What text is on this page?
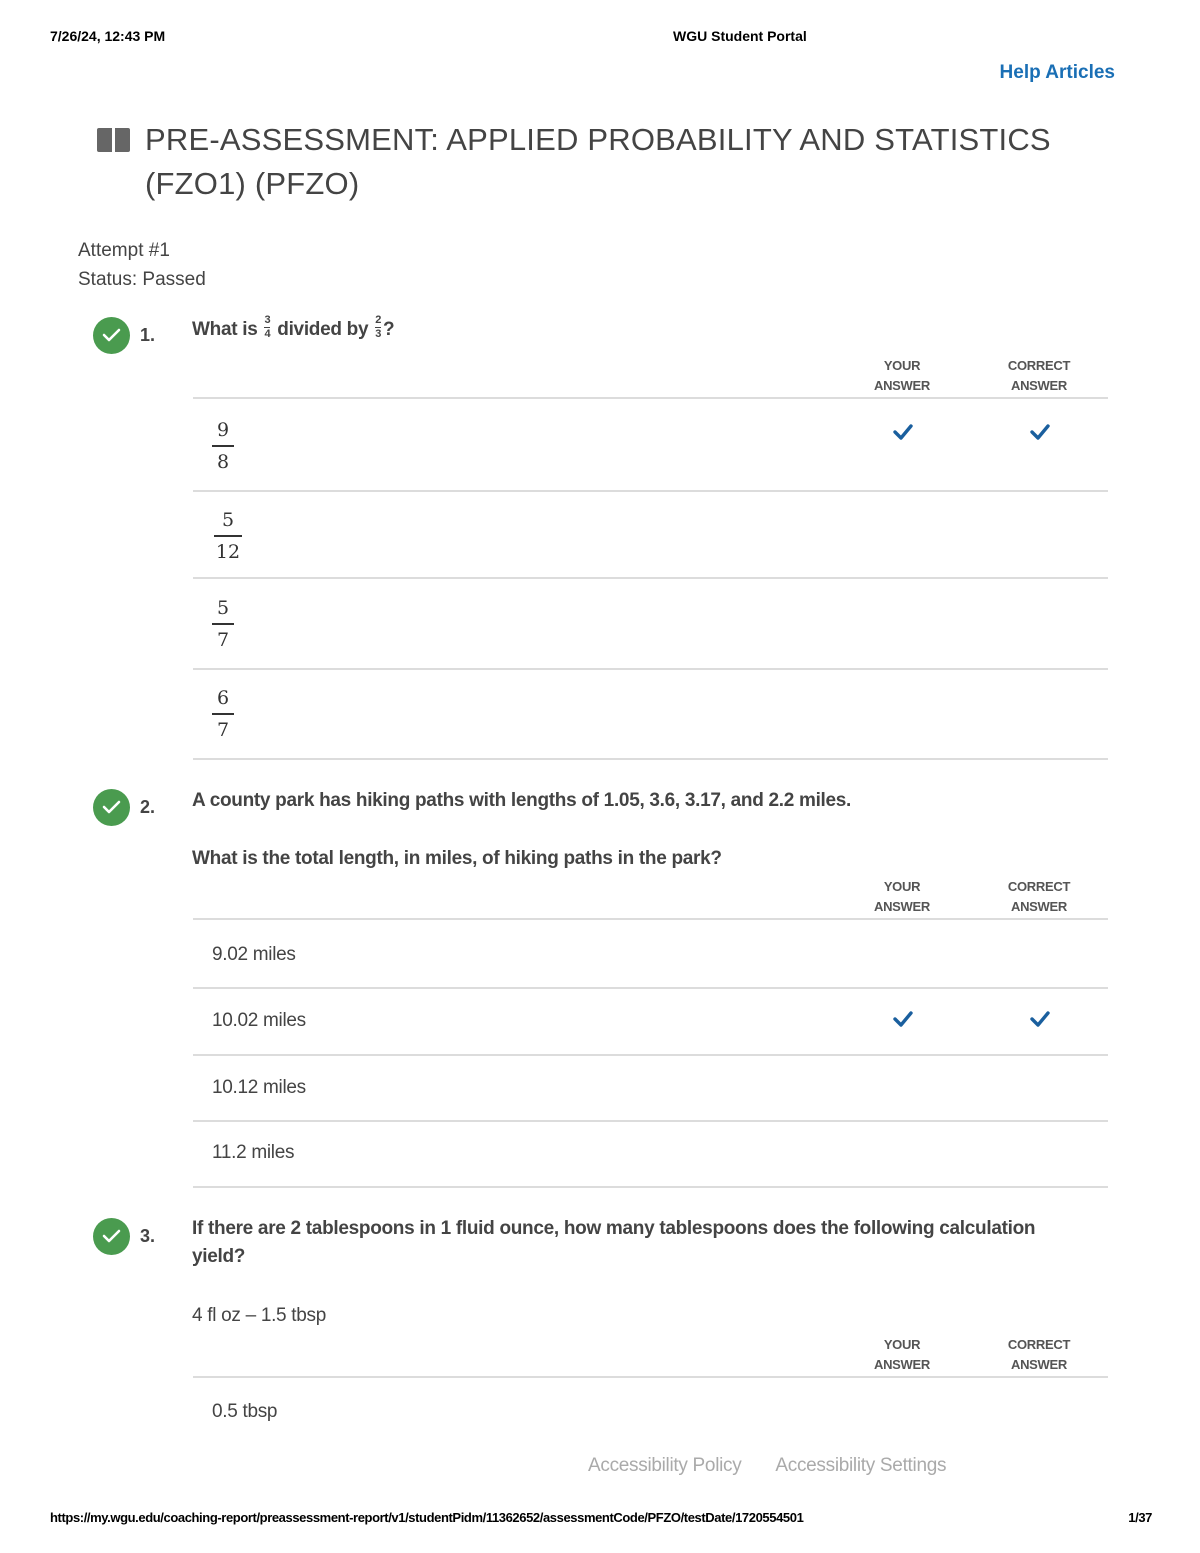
7/26/24, 12:43 PM	WGU Student Portal
Help Articles
PRE-ASSESSMENT: APPLIED PROBABILITY AND STATISTICS (FZO1) (PFZO)
Attempt #1
Status: Passed
1. What is $\frac{3}{4}$ divided by $\frac{2}{3}$ ?
YOUR
ANSWER
CORRECT
ANSWER
9
8
5
12
5
7
6
7
2. A county park has hiking paths with lengths of 1.05, 3.6, 3.17, and 2.2 miles.
What is the total length, in miles, of hiking paths in the park?
YOUR
ANSWER
CORRECT
ANSWER
9.02 miles
10.02 miles
10.12 miles
11.2 miles
3. If there are 2 tablespoons in 1 fluid ounce, how many tablespoons does the following calculation
yield?
4 fl oz – 1.5 tbsp
YOUR
ANSWER
CORRECT
ANSWER
0.5 tbsp
Accessibility Policy Accessibility Settings
https://my.wgu.edu/coaching-report/preassessment-report/v1/studentPidm/11362652/assessmentCode/PFZO/testDate/1720554501	1/37
